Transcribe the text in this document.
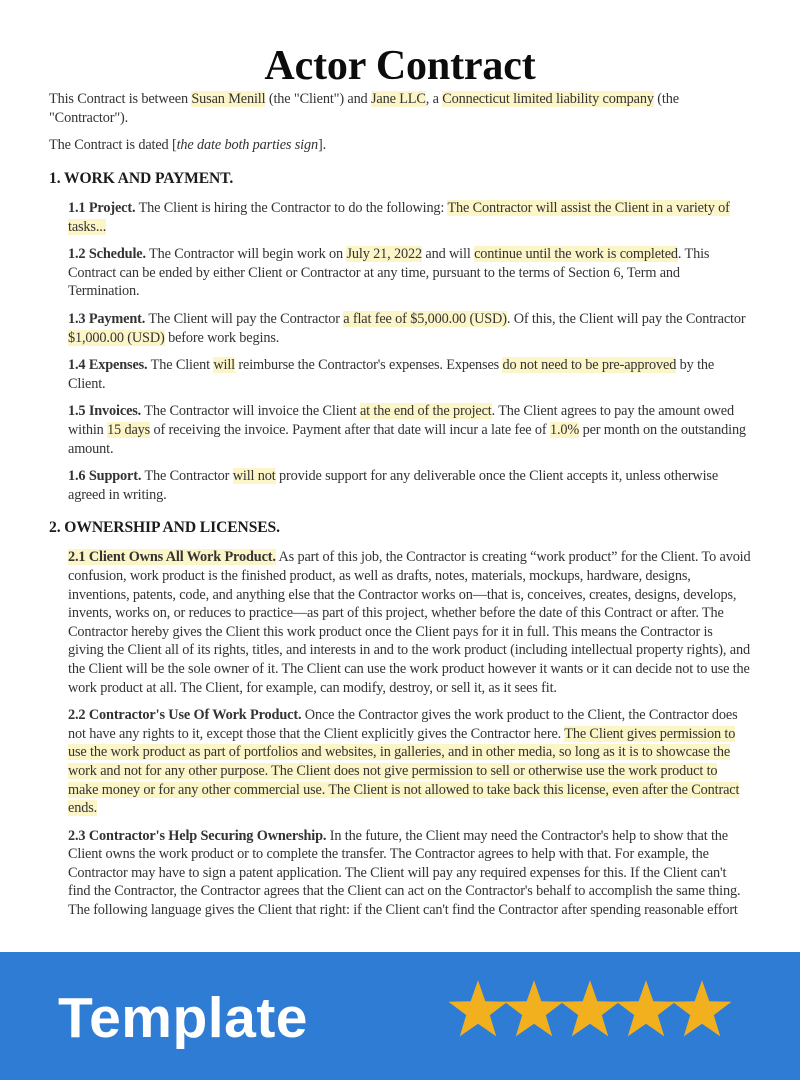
Actor Contract

This Contract is between Susan Menill (the "Client") and Jane LLC, a Connecticut limited liability company (the "Contractor").

The Contract is dated [the date both parties sign].

1. WORK AND PAYMENT.

1.1 Project. The Client is hiring the Contractor to do the following: The Contractor will assist the Client in a variety of tasks...

1.2 Schedule. The Contractor will begin work on July 21, 2022 and will continue until the work is completed. This Contract can be ended by either Client or Contractor at any time, pursuant to the terms of Section 6, Term and Termination.

1.3 Payment. The Client will pay the Contractor a flat fee of $5,000.00 (USD). Of this, the Client will pay the Contractor $1,000.00 (USD) before work begins.

1.4 Expenses. The Client will reimburse the Contractor's expenses. Expenses do not need to be pre-approved by the Client.

1.5 Invoices. The Contractor will invoice the Client at the end of the project. The Client agrees to pay the amount owed within 15 days of receiving the invoice. Payment after that date will incur a late fee of 1.0% per month on the outstanding amount.

1.6 Support. The Contractor will not provide support for any deliverable once the Client accepts it, unless otherwise agreed in writing.

2. OWNERSHIP AND LICENSES.

2.1 Client Owns All Work Product. As part of this job, the Contractor is creating “work product” for the Client. To avoid confusion, work product is the finished product, as well as drafts, notes, materials, mockups, hardware, designs, inventions, patents, code, and anything else that the Contractor works on—that is, conceives, creates, designs, develops, invents, works on, or reduces to practice—as part of this project, whether before the date of this Contract or after. The Contractor hereby gives the Client this work product once the Client pays for it in full. This means the Contractor is giving the Client all of its rights, titles, and interests in and to the work product (including intellectual property rights), and the Client will be the sole owner of it. The Client can use the work product however it wants or it can decide not to use the work product at all. The Client, for example, can modify, destroy, or sell it, as it sees fit.

2.2 Contractor's Use Of Work Product. Once the Contractor gives the work product to the Client, the Contractor does not have any rights to it, except those that the Client explicitly gives the Contractor here. The Client gives permission to use the work product as part of portfolios and websites, in galleries, and in other media, so long as it is to showcase the work and not for any other purpose. The Client does not give permission to sell or otherwise use the work product to make money or for any other commercial use. The Client is not allowed to take back this license, even after the Contract ends.

2.3 Contractor's Help Securing Ownership. In the future, the Client may need the Contractor's help to show that the Client owns the work product or to complete the transfer. The Contractor agrees to help with that. For example, the Contractor may have to sign a patent application. The Client will pay any required expenses for this. If the Client can't find the Contractor, the Contractor agrees that the Client can act on the Contractor's behalf to accomplish the same thing. The following language gives the Client that right: if the Client can't find the Contractor after spending reasonable effort

Template
